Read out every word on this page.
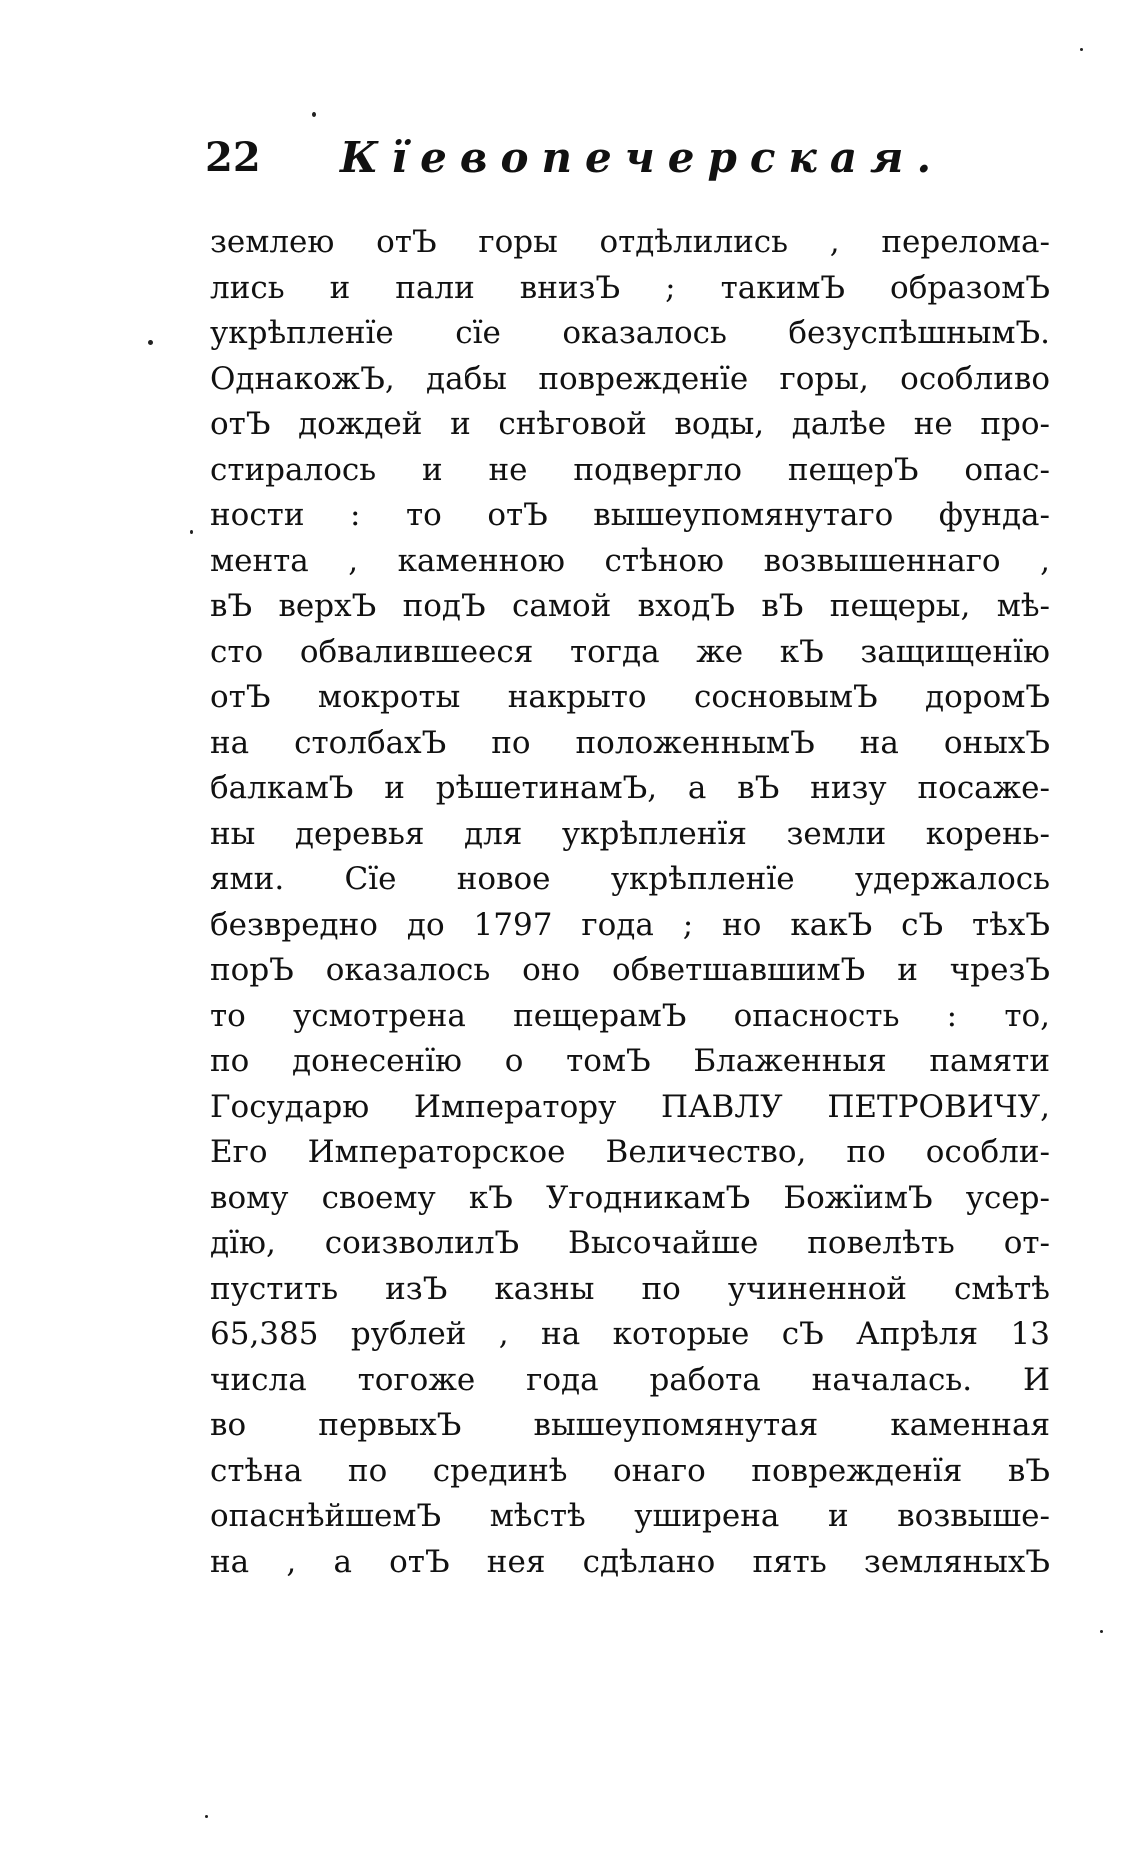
22 Кїевопечерская.
землею отЪ горы отдѣлились , переломa-
лись и пали внизЪ ; такимЪ образомЪ
укрѣпленїе сїе оказалось безуспѣшнымЪ.
ОднакожЪ, дабы поврежденїе горы, особливо
отЪ дождей и снѣговой воды, далѣе не про-
стиралось и не подвергло пещерЪ опас-
ности : то отЪ вышеупомянутаго фунда-
мента , каменною стѣною возвышеннаго ,
вЪ верхЪ подЪ самой входЪ вЪ пещеры, мѣ-
сто обвалившееся тогда же кЪ защищенїю
отЪ мокроты накрыто сосновымЪ доромЪ
на столбахЪ по положеннымЪ на оныхЪ
балкамЪ и рѣшетинамЪ, а вЪ низу посаже-
ны деревья для укрѣпленїя земли корень-
ями. Сїе новое укрѣпленїе удержалось
безвредно до 1797 года ; но какЪ сЪ тѣхЪ
порЪ оказалось оно обветшавшимЪ и чрезЪ
то усмотрена пещерамЪ опасность : то,
по донесенїю о томЪ Блаженныя памяти
Государю Императору ПАВЛУ ПЕТРОВИЧУ,
Его Императорское Величество, по особли-
вому своему кЪ УгодникамЪ БожїимЪ усер-
дїю, соизволилЪ Высочайше повелѣть от-
пустить изЪ казны по учиненной смѣтѣ
65,385 рублей , на которые сЪ Апрѣля 13
числа тогоже года работа началась. И
во первыхЪ вышеупомянутая каменная
стѣна по срединѣ онаго поврежденїя вЪ
опаснѣйшемЪ мѣстѣ уширена и возвыше-
на , а отЪ нея сдѣлано пять земляныхЪ
